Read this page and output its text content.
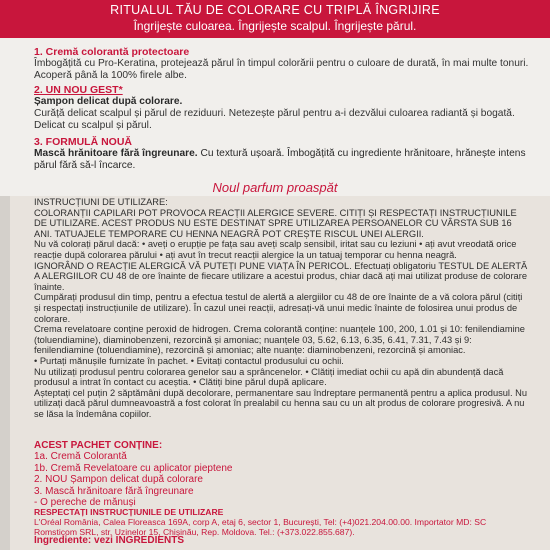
RITUALUL TĂU DE COLORARE CU TRIPLĂ ÎNGRIJIRE
Îngrijește culoarea. Îngrijește scalpul. Îngrijește părul.
1. Cremă colorantă protectoare
Îmbogățită cu Pro-Keratina, protejează părul în timpul colorării pentru o culoare de durată, în mai multe tonuri. Acoperă până la 100% firele albe.
2. UN NOU GEST*
Șampon delicat după colorare.
Curăță delicat scalpul și părul de reziduuri. Netezește părul pentru a-i dezvălui culoarea radiantă și bogată. Delicat cu scalpul și părul.
3. FORMULĂ NOUĂ
Mască hrănitoare fără îngreunare. Cu textură ușoară. Îmbogățită cu ingrediente hrănitoare, hrănește intens părul fără să-l încarce.
Noul parfum proaspăt

INSTRUCȚIUNI DE UTILIZARE:

COLORANȚII CAPILARI POT PROVOCA REACȚII ALERGICE SEVERE. CITIȚI ȘI RESPECTAȚI INSTRUCȚIUNILE DE UTILIZARE. ACEST PRODUS NU ESTE DESTINAT SPRE UTILIZAREA PERSOANELOR CU VÂRSTA SUB 16 ANI. TATUAJELE TEMPORARE CU HENNA NEAGRĂ POT CREȘTE RISCUL UNEI ALERGII.

Nu vă colorați părul dacă: • aveți o erupție pe fața sau aveți scalp sensibil, iritat sau cu leziuni • ați avut vreodată orice reacție după colorarea părului • ați avut în trecut reacții alergice la un tatuaj temporar cu henna neagră.

IGNORÂND O REACȚIE ALERGICĂ VĂ PUTEȚI PUNE VIAȚA ÎN PERICOL. Efectuați obligatoriu TESTUL DE ALERTĂ A ALERGIILOR CU 48 de ore înainte de fiecare utilizare a acestui produs, chiar dacă ați mai utilizat produse de colorare înainte.

Cumpărați produsul din timp, pentru a efectua testul de alertă a alergiilor cu 48 de ore înainte de a vă colora părul (citiți și respectați instrucțiunile de utilizare). În cazul unei reacții, adresați-vă unui medic înainte de folosirea unui produs de colorare.

Crema revelatoare conține peroxid de hidrogen. Crema colorantă conține: nuanțele 100, 200, 1.01 și 10: fenilendiamine (toluendiamine), diaminobenzeni, rezorcină și amoniac; nuanțele 03, 5.62, 6.13, 6.35, 6.41, 7.31, 7.43 și 9: fenilendiamine (toluendiamine), rezorcină și amoniac; alte nuanțe: diaminobenzeni, rezorcină și amoniac.

• Purtați mănușile furnizate în pachet. • Evitați contactul produsului cu ochii.

Nu utilizați produsul pentru colorarea genelor sau a sprâncenelor. • Clătiți imediat ochii cu apă din abundență dacă produsul a intrat în contact cu aceștia. • Clătiți bine părul după aplicare.

Așteptați cel puțin 2 săptămâni după decolorare, permanentare sau îndreptare permanentă pentru a aplica produsul. Nu utilizați dacă părul dumneavoastră a fost colorat în prealabil cu henna sau cu un alt produs de colorare progresivă. A nu se lăsa la îndemâna copiilor.

ACEST PACHET CONȚINE:
1a. Cremă Colorantă
1b. Cremă Revelatoare cu aplicator pieptene
2. NOU Șampon delicat după colorare
3. Mască hrănitoare fără îngreunare
- O pereche de mănuși
RESPECTAȚI INSTRUCȚIUNILE DE UTILIZARE
L'Oréal România, Calea Floreasca 169A, corp A, etaj 6, sector 1, București, Tel: (+4)021.204.00.00. Importator MD: SC Romsticom SRL, str. Uzinelor 15, Chișinău, Rep. Moldova. Tel.: (+373.022.855.687).
Ingrediente: vezi INGREDIENTS
